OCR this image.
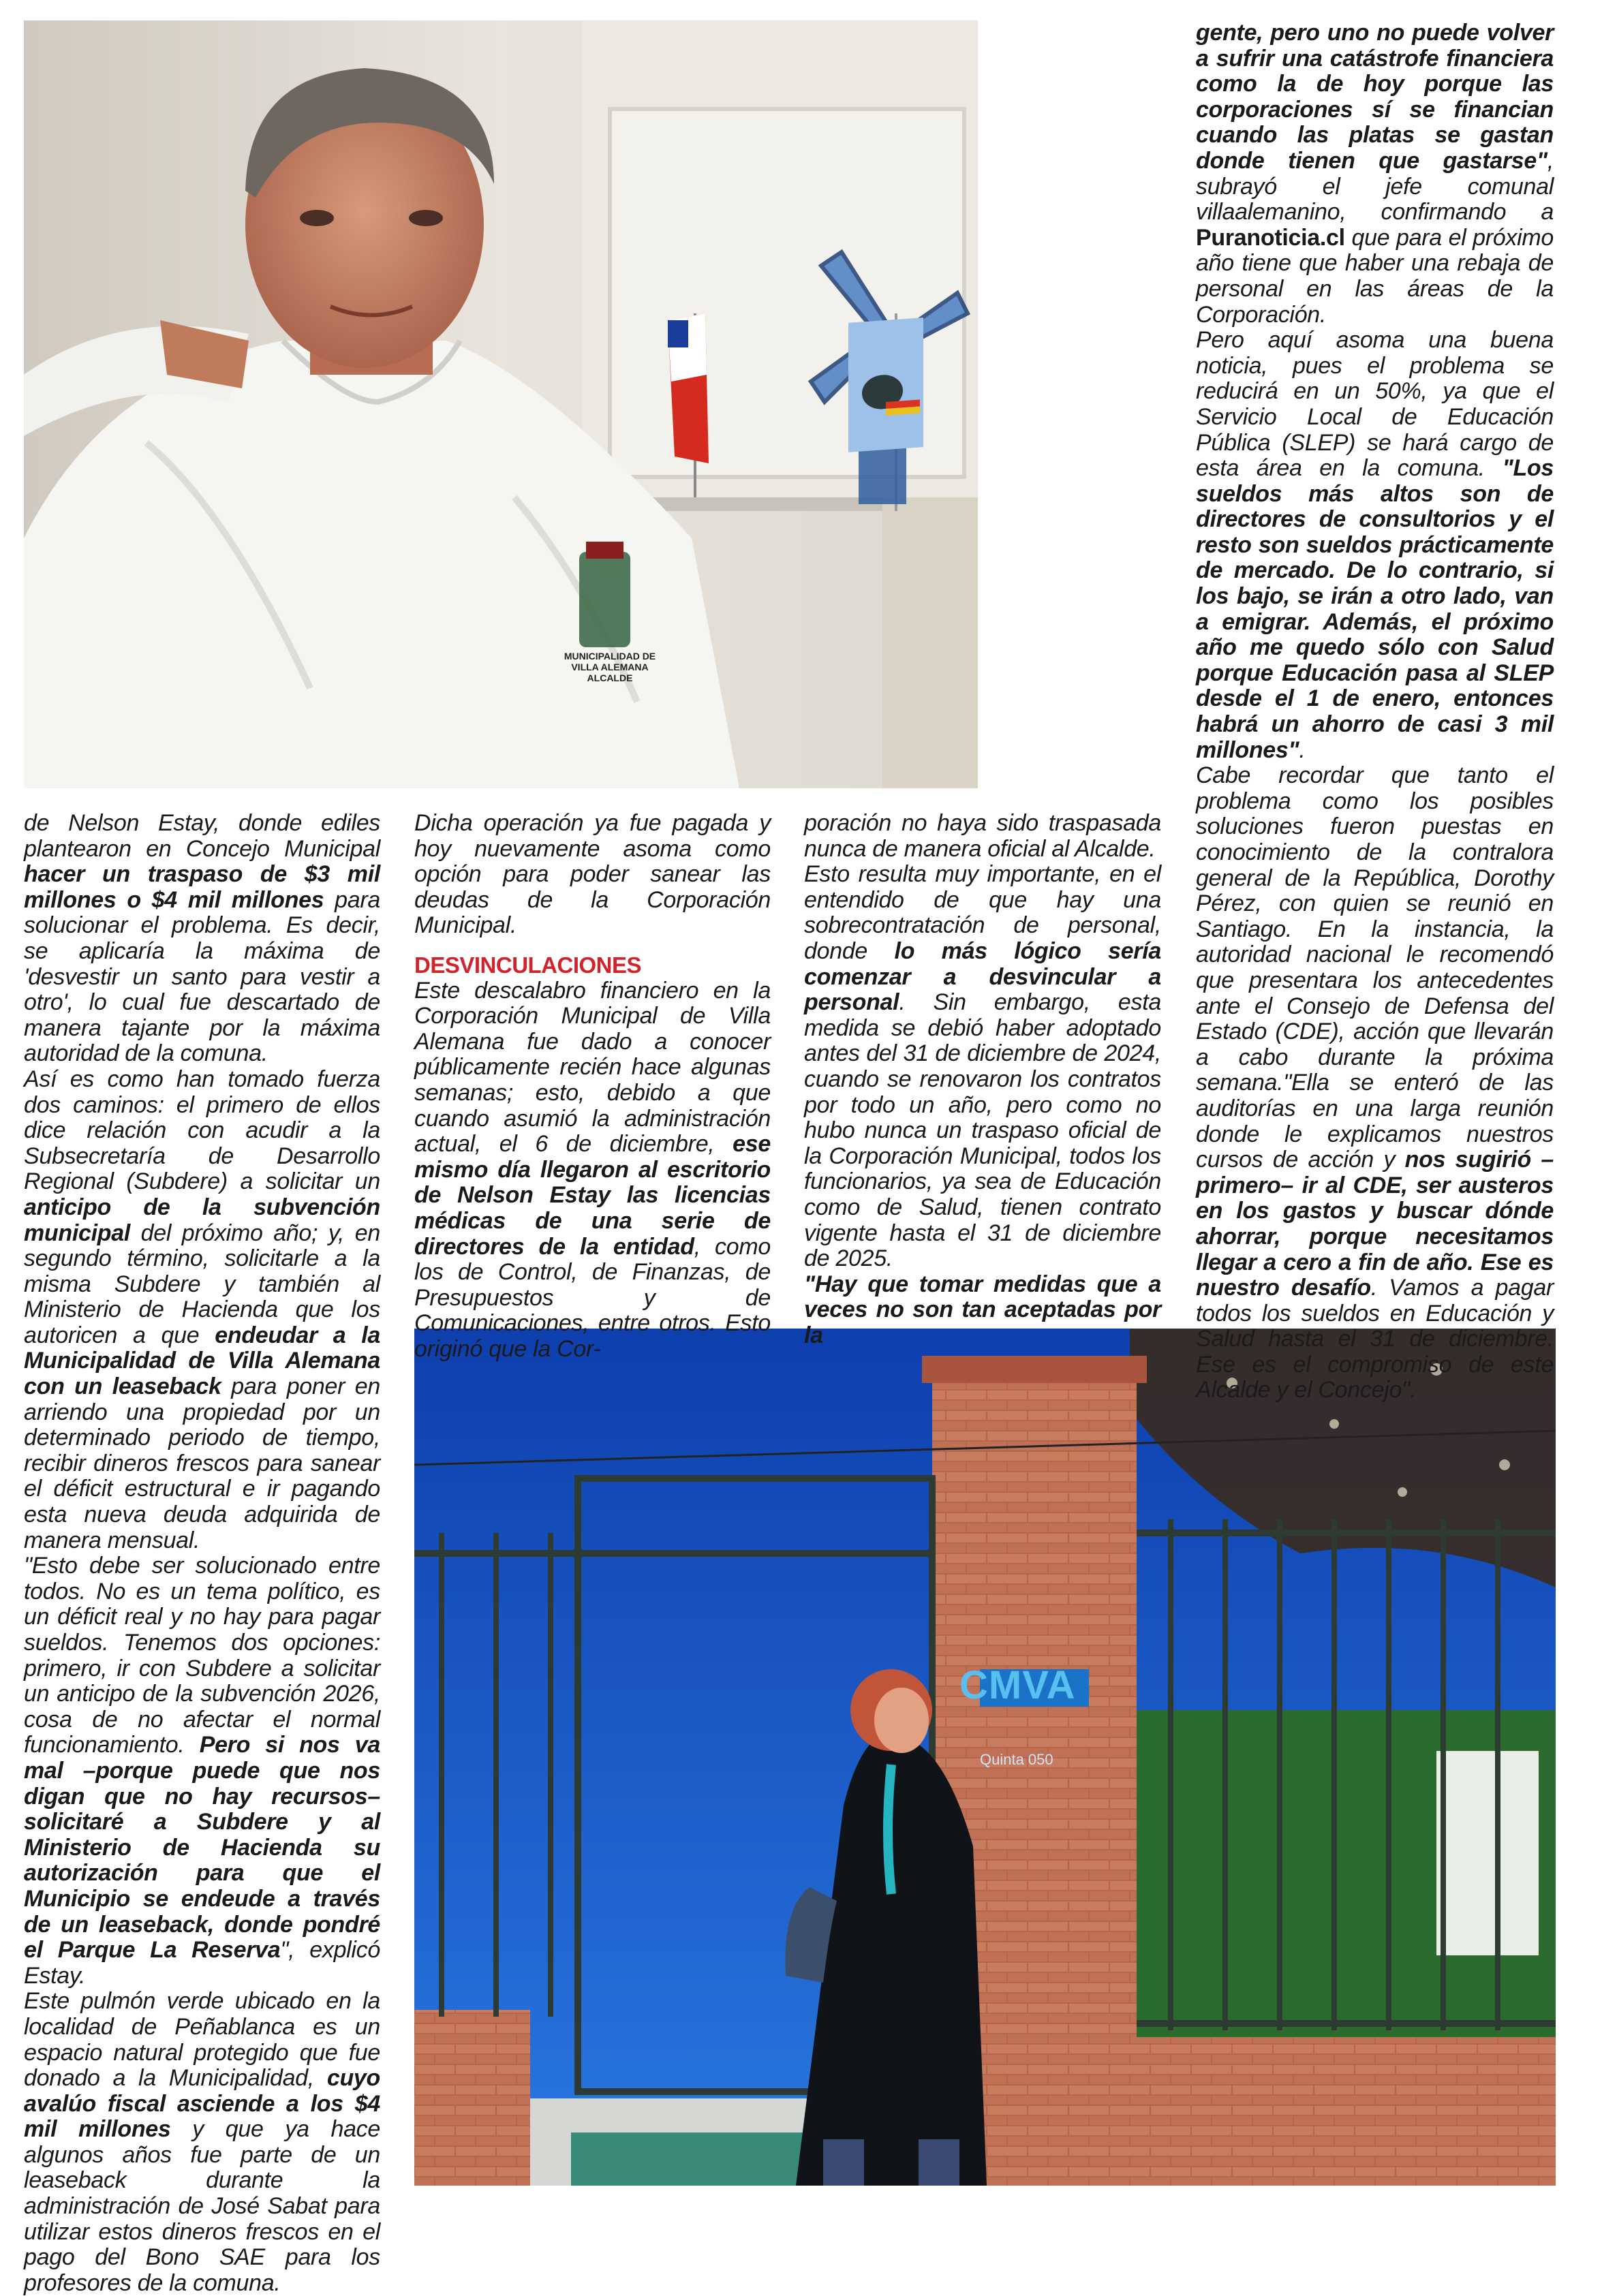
MUNICIPALIDAD DE VILLA ALEMANA ALCALDE
CMVA
Quinta 050

de Nelson Estay, donde ediles plantearon en Concejo Municipal hacer un traspaso de $3 mil millones o $4 mil millones para solucionar el problema. Es decir, se aplicaría la máxima de 'desvestir un santo para vestir a otro', lo cual fue descartado de manera tajante por la máxima autoridad de la comuna.

Así es como han tomado fuerza dos caminos: el primero de ellos dice relación con acudir a la Subsecretaría de Desarrollo Regional (Subdere) a solicitar un anticipo de la subvención municipal del próximo año; y, en segundo término, solicitarle a la misma Subdere y también al Ministerio de Hacienda que los autoricen a que endeudar a la Municipalidad de Villa Alemana con un leaseback para poner en arriendo una propiedad por un determinado periodo de tiempo, recibir dineros frescos para sanear el déficit estructural e ir pagando esta nueva deuda adquirida de manera mensual.

"Esto debe ser solucionado entre todos. No es un tema político, es un déficit real y no hay para pagar sueldos. Tenemos dos opciones: primero, ir con Subdere a solicitar un anticipo de la subvención 2026, cosa de no afectar el normal funcionamiento. Pero si nos va mal –porque puede que nos digan que no hay recursos– solicitaré a Subdere y al Ministerio de Hacienda su autorización para que el Municipio se endeude a través de un leaseback, donde pondré el Parque La Reserva", explicó Estay.

Este pulmón verde ubicado en la localidad de Peñablanca es un espacio natural protegido que fue donado a la Municipalidad, cuyo avalúo fiscal asciende a los $4 mil millones y que ya hace algunos años fue parte de un leaseback durante la administración de José Sabat para utilizar estos dineros frescos en el pago del Bono SAE para los profesores de la comuna.

Dicha operación ya fue pagada y hoy nuevamente asoma como opción para poder sanear las deudas de la Corporación Municipal.

DESVINCULACIONES

Este descalabro financiero en la Corporación Municipal de Villa Alemana fue dado a conocer públicamente recién hace algunas semanas; esto, debido a que cuando asumió la administración actual, el 6 de diciembre, ese mismo día llegaron al escritorio de Nelson Estay las licencias médicas de una serie de directores de la entidad, como los de Control, de Finanzas, de Presupuestos y de Comunicaciones, entre otros. Esto originó que la Cor-

poración no haya sido traspasada nunca de manera oficial al Alcalde.

Esto resulta muy importante, en el entendido de que hay una sobrecontratación de personal, donde lo más lógico sería comenzar a desvincular a personal. Sin embargo, esta medida se debió haber adoptado antes del 31 de diciembre de 2024, cuando se renovaron los contratos por todo un año, pero como no hubo nunca un traspaso oficial de la Corporación Municipal, todos los funcionarios, ya sea de Educación como de Salud, tienen contrato vigente hasta el 31 de diciembre de 2025.

"Hay que tomar medidas que a veces no son tan aceptadas por la

gente, pero uno no puede volver a sufrir una catástrofe financiera como la de hoy porque las corporaciones sí se financian cuando las platas se gastan donde tienen que gastarse", subrayó el jefe comunal villaalemanino, confirmando a Puranoticia.cl que para el próximo año tiene que haber una rebaja de personal en las áreas de la Corporación.

Pero aquí asoma una buena noticia, pues el problema se reducirá en un 50%, ya que el Servicio Local de Educación Pública (SLEP) se hará cargo de esta área en la comuna. "Los sueldos más altos son de directores de consultorios y el resto son sueldos prácticamente de mercado. De lo contrario, si los bajo, se irán a otro lado, van a emigrar. Además, el próximo año me quedo sólo con Salud porque Educación pasa al SLEP desde el 1 de enero, entonces habrá un ahorro de casi 3 mil millones".

Cabe recordar que tanto el problema como los posibles soluciones fueron puestas en conocimiento de la contralora general de la República, Dorothy Pérez, con quien se reunió en Santiago. En la instancia, la autoridad nacional le recomendó que presentara los antecedentes ante el Consejo de Defensa del Estado (CDE), acción que llevarán a cabo durante la próxima semana."Ella se enteró de las auditorías en una larga reunión donde le explicamos nuestros cursos de acción y nos sugirió –primero– ir al CDE, ser austeros en los gastos y buscar dónde ahorrar, porque necesitamos llegar a cero a fin de año. Ese es nuestro desafío. Vamos a pagar todos los sueldos en Educación y Salud hasta el 31 de diciembre. Ese es el compromiso de este Alcalde y el Concejo".
